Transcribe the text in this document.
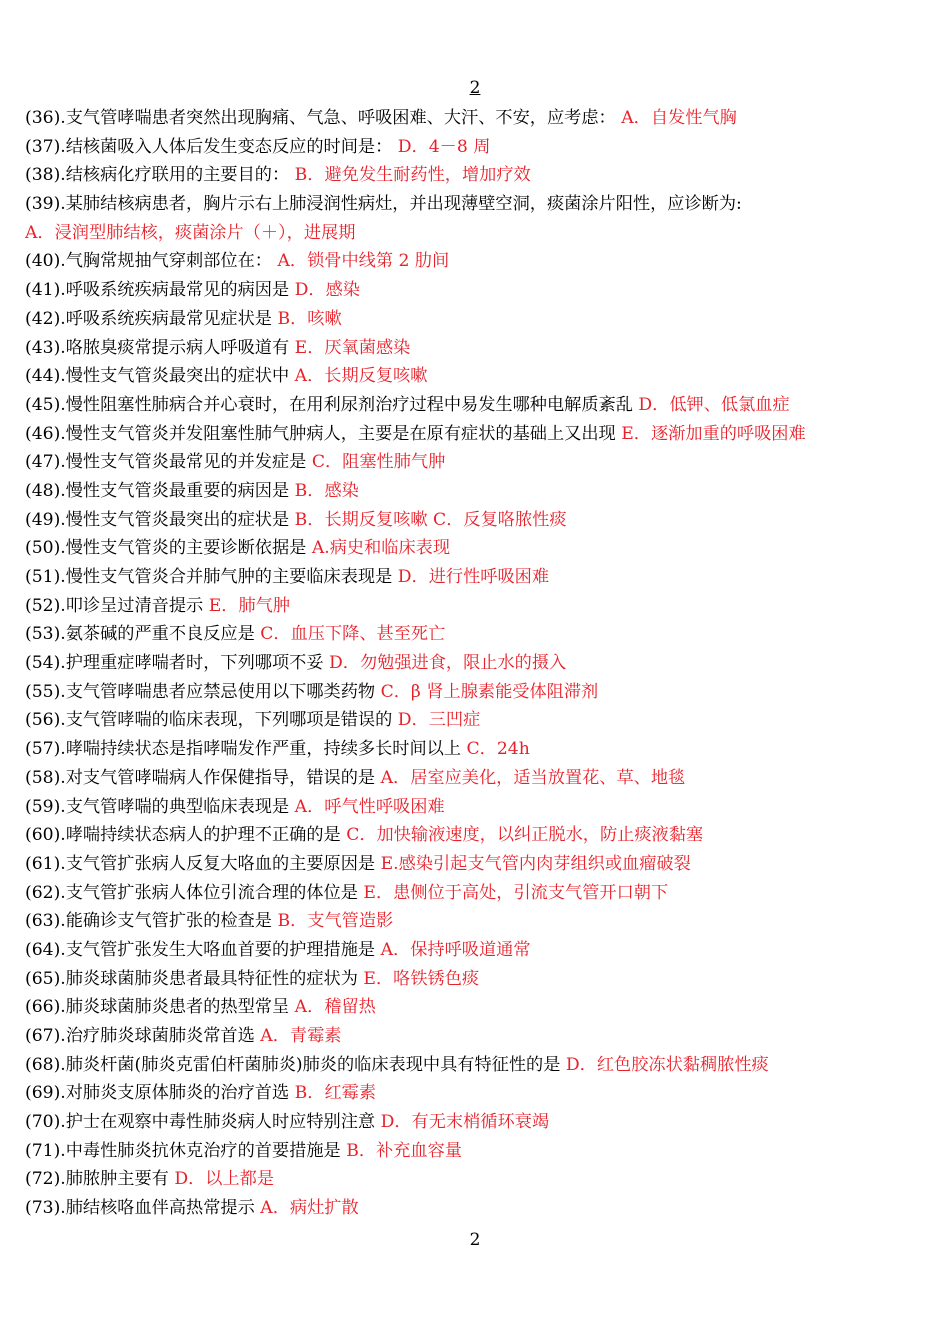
2
(36).支气管哮喘患者突然出现胸痛、气急、呼吸困难、大汗、不安，应考虑： A．自发性气胸
(37).结核菌吸入人体后发生变态反应的时间是： D．4－8 周
(38).结核病化疗联用的主要目的： B．避免发生耐药性，增加疗效
(39).某肺结核病患者，胸片示右上肺浸润性病灶，并出现薄壁空洞，痰菌涂片阳性，应诊断为:
A．浸润型肺结核，痰菌涂片（＋），进展期
(40).气胸常规抽气穿刺部位在： A．锁骨中线第 2 肋间
(41).呼吸系统疾病最常见的病因是 D．感染
(42).呼吸系统疾病最常见症状是 B．咳嗽
(43).咯脓臭痰常提示病人呼吸道有 E．厌氧菌感染
(44).慢性支气管炎最突出的症状中 A．长期反复咳嗽
(45).慢性阻塞性肺病合并心衰时，在用利尿剂治疗过程中易发生哪种电解质紊乱 D．低钾、低氯血症
(46).慢性支气管炎并发阻塞性肺气肿病人，主要是在原有症状的基础上又出现 E．逐渐加重的呼吸困难
(47).慢性支气管炎最常见的并发症是 C．阻塞性肺气肿
(48).慢性支气管炎最重要的病因是 B．感染
(49).慢性支气管炎最突出的症状是 B．长期反复咳嗽 C．反复咯脓性痰
(50).慢性支气管炎的主要诊断依据是 A.病史和临床表现
(51).慢性支气管炎合并肺气肿的主要临床表现是 D．进行性呼吸困难
(52).叩诊呈过清音提示 E．肺气肿
(53).氨茶碱的严重不良反应是 C．血压下降、甚至死亡
(54).护理重症哮喘者时，下列哪项不妥 D．勿勉强进食，限止水的摄入
(55).支气管哮喘患者应禁忌使用以下哪类药物 C．β 肾上腺素能受体阻滞剂
(56).支气管哮喘的临床表现，下列哪项是错误的 D．三凹症
(57).哮喘持续状态是指哮喘发作严重，持续多长时间以上 C．24h
(58).对支气管哮喘病人作保健指导，错误的是 A．居室应美化，适当放置花、草、地毯
(59).支气管哮喘的典型临床表现是 A．呼气性呼吸困难
(60).哮喘持续状态病人的护理不正确的是 C．加快输液速度，以纠正脱水，防止痰液黏塞
(61).支气管扩张病人反复大咯血的主要原因是 E.感染引起支气管内肉芽组织或血瘤破裂
(62).支气管扩张病人体位引流合理的体位是 E．患侧位于高处，引流支气管开口朝下
(63).能确诊支气管扩张的检查是 B．支气管造影
(64).支气管扩张发生大咯血首要的护理措施是 A．保持呼吸道通常
(65).肺炎球菌肺炎患者最具特征性的症状为 E．咯铁锈色痰
(66).肺炎球菌肺炎患者的热型常呈 A．稽留热
(67).治疗肺炎球菌肺炎常首选 A．青霉素
(68).肺炎杆菌(肺炎克雷伯杆菌肺炎)肺炎的临床表现中具有特征性的是 D．红色胶冻状黏稠脓性痰
(69).对肺炎支原体肺炎的治疗首选 B．红霉素
(70).护士在观察中毒性肺炎病人时应特别注意 D．有无末梢循环衰竭
(71).中毒性肺炎抗休克治疗的首要措施是 B．补充血容量
(72).肺脓肿主要有 D．以上都是
(73).肺结核咯血伴高热常提示 A．病灶扩散
2
